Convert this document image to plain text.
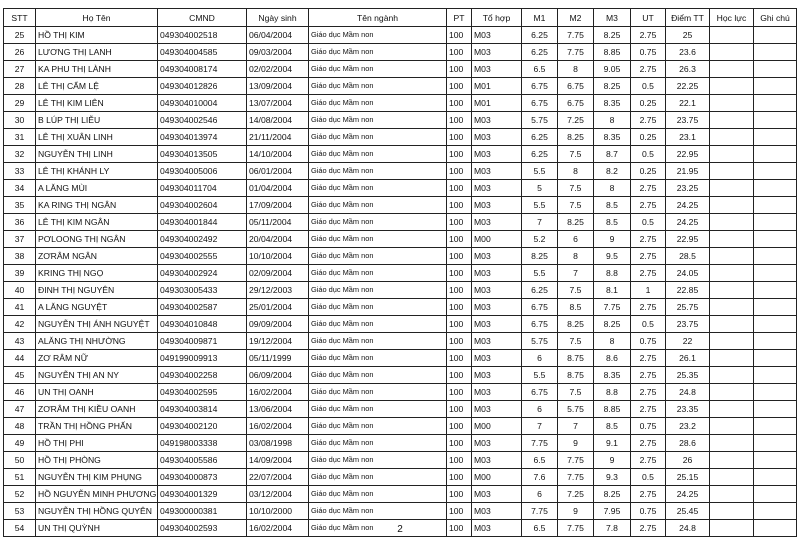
STT	Họ Tên	CMND	Ngày sinh	Tên ngành	PT	Tổ hợp	M1	M2	M3	UT	Điểm TT	Học lực	Ghi chú
25	HỒ THỊ KIM	049304002518	06/04/2004	Giáo dục Mầm non	100	M03	6.25	7.75	8.25	2.75	25		
26	LƯƠNG THỊ LANH	049304004585	09/03/2004	Giáo dục Mầm non	100	M03	6.25	7.75	8.85	0.75	23.6		
27	KA PHU THỊ LÀNH	049304008174	02/02/2004	Giáo dục Mầm non	100	M03	6.5	8	9.05	2.75	26.3		
28	LÊ THỊ CẨM LỆ	049304012826	13/09/2004	Giáo dục Mầm non	100	M01	6.75	6.75	8.25	0.5	22.25		
29	LÊ THỊ KIM LIÊN	049304010004	13/07/2004	Giáo dục Mầm non	100	M01	6.75	6.75	8.35	0.25	22.1		
30	B LÚP THỊ LIỄU	049304002546	14/08/2004	Giáo dục Mầm non	100	M03	5.75	7.25	8	2.75	23.75		
31	LÊ THỊ XUÂN LINH	049304013974	21/11/2004	Giáo dục Mầm non	100	M03	6.25	8.25	8.35	0.25	23.1		
32	NGUYỄN THỊ LINH	049304013505	14/10/2004	Giáo dục Mầm non	100	M03	6.25	7.5	8.7	0.5	22.95		
33	LÊ THỊ KHÁNH LY	049304005006	06/01/2004	Giáo dục Mầm non	100	M03	5.5	8	8.2	0.25	21.95		
34	A LĂNG MÙI	049304011704	01/04/2004	Giáo dục Mầm non	100	M03	5	7.5	8	2.75	23.25		
35	KA RING THỊ NGÂN	049304002604	17/09/2004	Giáo dục Mầm non	100	M03	5.5	7.5	8.5	2.75	24.25		
36	LÊ THỊ KIM NGÂN	049304001844	05/11/2004	Giáo dục Mầm non	100	M03	7	8.25	8.5	0.5	24.25		
37	PƠLOONG THỊ NGÂN	049304002492	20/04/2004	Giáo dục Mầm non	100	M00	5.2	6	9	2.75	22.95		
38	ZƠRÂM NGÂN	049304002555	10/10/2004	Giáo dục Mầm non	100	M03	8.25	8	9.5	2.75	28.5		
39	KRING THỊ NGỌ	049304002924	02/09/2004	Giáo dục Mầm non	100	M03	5.5	7	8.8	2.75	24.05		
40	ĐINH THỊ NGUYÊN	049303005433	29/12/2003	Giáo dục Mầm non	100	M03	6.25	7.5	8.1	1	22.85		
41	A LĂNG NGUYỆT	049304002587	25/01/2004	Giáo dục Mầm non	100	M03	6.75	8.5	7.75	2.75	25.75		
42	NGUYỄN THỊ ÁNH NGUYỆT	049304010848	09/09/2004	Giáo dục Mầm non	100	M03	6.75	8.25	8.25	0.5	23.75		
43	ALĂNG THỊ NHƯỜNG	049304009871	19/12/2004	Giáo dục Mầm non	100	M03	5.75	7.5	8	0.75	22		
44	ZƠ RÂM NỮ	049199009913	05/11/1999	Giáo dục Mầm non	100	M03	6	8.75	8.6	2.75	26.1		
45	NGUYỄN THỊ AN NY	049304002258	06/09/2004	Giáo dục Mầm non	100	M03	5.5	8.75	8.35	2.75	25.35		
46	UN THỊ OANH	049304002595	16/02/2004	Giáo dục Mầm non	100	M03	6.75	7.5	8.8	2.75	24.8		
47	ZƠRÂM THỊ KIỀU OANH	049304003814	13/06/2004	Giáo dục Mầm non	100	M03	6	5.75	8.85	2.75	23.35		
48	TRẦN THỊ HỒNG PHẤN	049304002120	16/02/2004	Giáo dục Mầm non	100	M00	7	7	8.5	0.75	23.2		
49	HỒ THỊ PHI	049198003338	03/08/1998	Giáo dục Mầm non	100	M03	7.75	9	9.1	2.75	28.6		
50	HỒ THỊ PHÒNG	049304005586	14/09/2004	Giáo dục Mầm non	100	M03	6.5	7.75	9	2.75	26		
51	NGUYỄN THỊ KIM PHỤNG	049304000873	22/07/2004	Giáo dục Mầm non	100	M00	7.6	7.75	9.3	0.5	25.15		
52	HỒ NGUYỄN MINH PHƯƠNG	049304001329	03/12/2004	Giáo dục Mầm non	100	M03	6	7.25	8.25	2.75	24.25		
53	NGUYỄN THỊ HỒNG QUYÊN	049300000381	10/10/2000	Giáo dục Mầm non	100	M03	7.75	9	7.95	0.75	25.45		
54	UN THỊ QUỲNH	049304002593	16/02/2004	Giáo dục Mầm non	100	M03	6.5	7.75	7.8	2.75	24.8		
2
